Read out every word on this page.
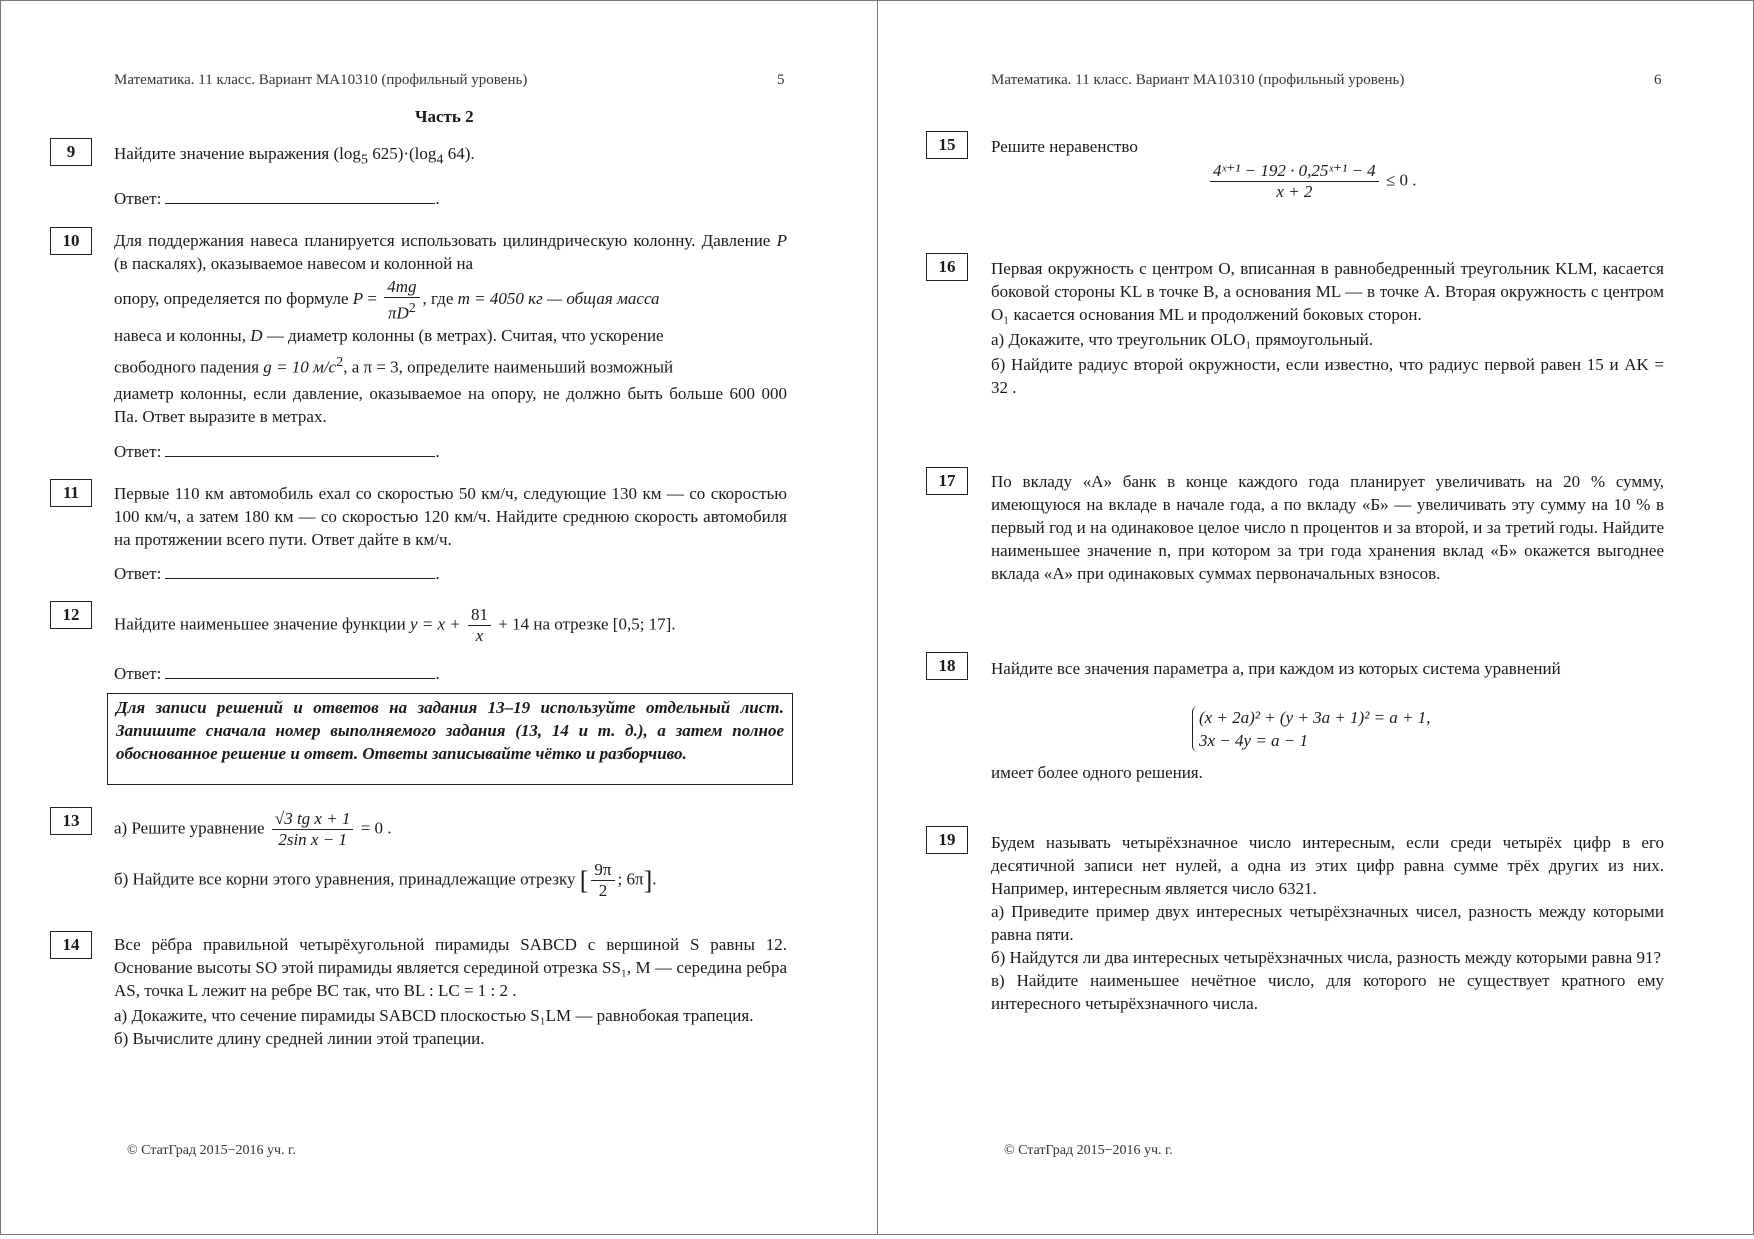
Математика. 11 класс. Вариант МА10310 (профильный уровень)	5
Часть 2
9	Найдите значение выражения ($\log_5$ $625)\cdot(\log_4$ 64).
Ответ:	.
10	Для поддержания навеса планируется использовать цилиндрическую колонну. Давление P (в паскалях), оказываемое навесом и колонной на

опору, определяется по формуле $P = \frac{4mg}{\pi D^2}$ , где m = 4050 кг — общая масса

навеса и колонны, D — диаметр колонны (в метрах). Считая, что ускорение

свободного падения g = 10 $м/с^2$, а π = 3, определите наименьший возможный

диаметр колонны, если давление, оказываемое на опору, не должно быть больше 600 000 Па. Ответ выразите в метрах.

Ответ:	.
11	Первые 110 км автомобиль ехал со скоростью 50 км/ч, следующие 130 км — со скоростью 100 км/ч, а затем 180 км — со скоростью 120 км/ч. Найдите среднюю скорость автомобиля на протяжении всего пути. Ответ дайте в км/ч.
Ответ:	.
12	Найдите наименьшее значение функции $y = x + \frac{81}{x} + 14$ на отрезке [0,5; 17].
Ответ:	.
Для записи решений и ответов на задания 13–19 используйте отдельный лист. Запишите сначала номер выполняемого задания (13, 14 и т. д.), а затем полное обоснованное решение и ответ. Ответы записывайте чётко и разборчиво.
13	а) Решите уравнение $\frac{\text{√3 tg x + 1}}{\text{2sin x − 1}} = 0$ .

б) Найдите все корни этого уравнения, принадлежащие отрезку [ $\frac{9\pi}{2}$ ; 6π].

14	Все рёбра правильной четырёхугольной пирамиды SABCD с вершиной S равны 12. Основание высоты SO этой пирамиды является серединой отрезка SS₁, M — середина ребра AS, точка L лежит на ребре BC так, что BL : LC = 1 : 2 .

а) Докажите, что сечение пирамиды SABCD плоскостью S₁LM — равнобокая трапеция.

б) Вычислите длину средней линии этой трапеции.

© СтатГрад 2015−2016 уч. г.
Математика. 11 класс. Вариант МА10310 (профильный уровень)	6
15	Решите неравенство
$\frac{\text{4ˣ⁺¹ − 192 · 0,25ˣ⁺¹ − 4}}{x + 2} \le 0$ .
16	Первая окружность с центром O, вписанная в равнобедренный треугольник KLM, касается боковой стороны KL в точке B, а основания ML — в точке A. Вторая окружность с центром O₁ касается основания ML и продолжений боковых сторон.

а) Докажите, что треугольник OLO₁ прямоугольный.

б) Найдите радиус второй окружности, если известно, что радиус первой равен 15 и AK = 32 .

17	По вкладу «А» банк в конце каждого года планирует увеличивать на 20 % сумму, имеющуюся на вкладе в начале года, а по вкладу «Б» — увеличивать эту сумму на 10 % в первый год и на одинаковое целое число n процентов и за второй, и за третий годы. Найдите наименьшее значение n, при котором за три года хранения вклад «Б» окажется выгоднее вклада «А» при одинаковых суммах первоначальных взносов.
18	Найдите все значения параметра a, при каждом из которых система уравнений
(x + 2a)² + (y + 3a + 1)² = a + 1,
3x − 4y = a − 1
имеет более одного решения.
19	Будем называть четырёхзначное число интересным, если среди четырёх цифр в его десятичной записи нет нулей, а одна из этих цифр равна сумме трёх других из них. Например, интересным является число 6321.

а) Приведите пример двух интересных четырёхзначных чисел, разность между которыми равна пяти.

б) Найдутся ли два интересных четырёхзначных числа, разность между которыми равна 91?

в) Найдите наименьшее нечётное число, для которого не существует кратного ему интересного четырёхзначного числа.

© СтатГрад 2015−2016 уч. г.
